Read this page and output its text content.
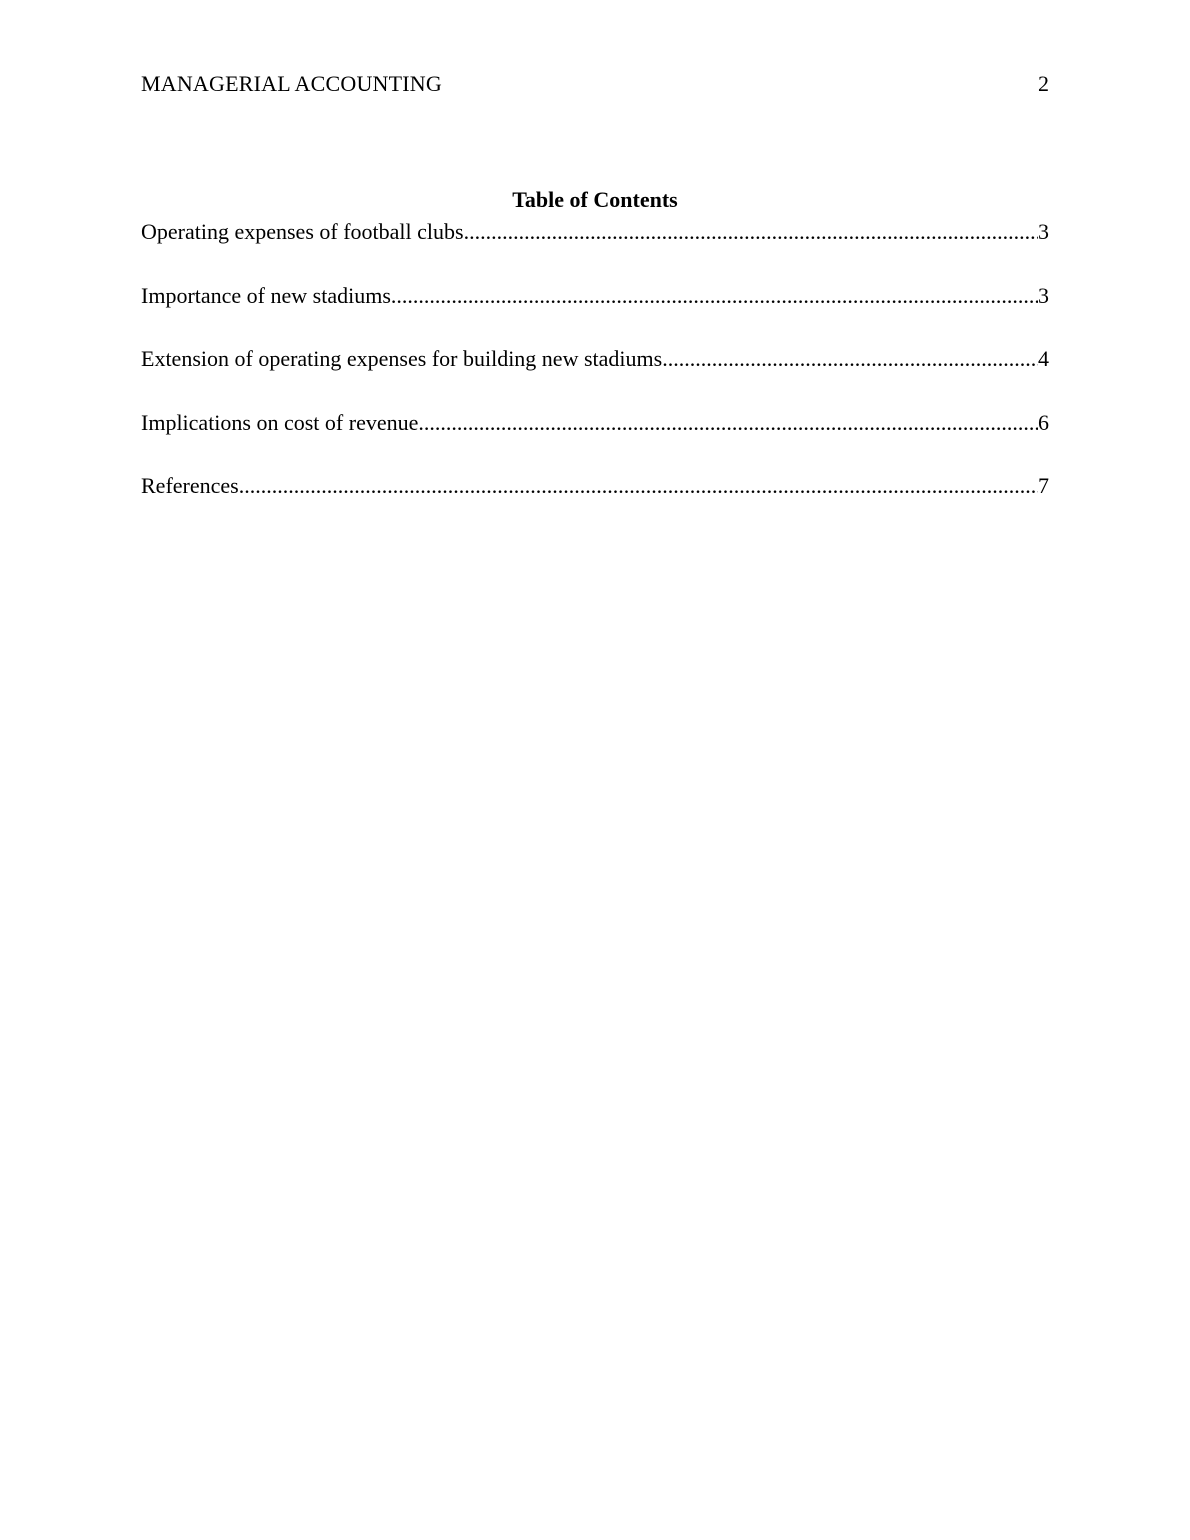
MANAGERIAL ACCOUNTING	2
Table of Contents
Operating expenses of football clubs .....	3
Importance of new stadiums .....	3
Extension of operating expenses for building new stadiums .....	4
Implications on cost of revenue .....	6
References .....	7
